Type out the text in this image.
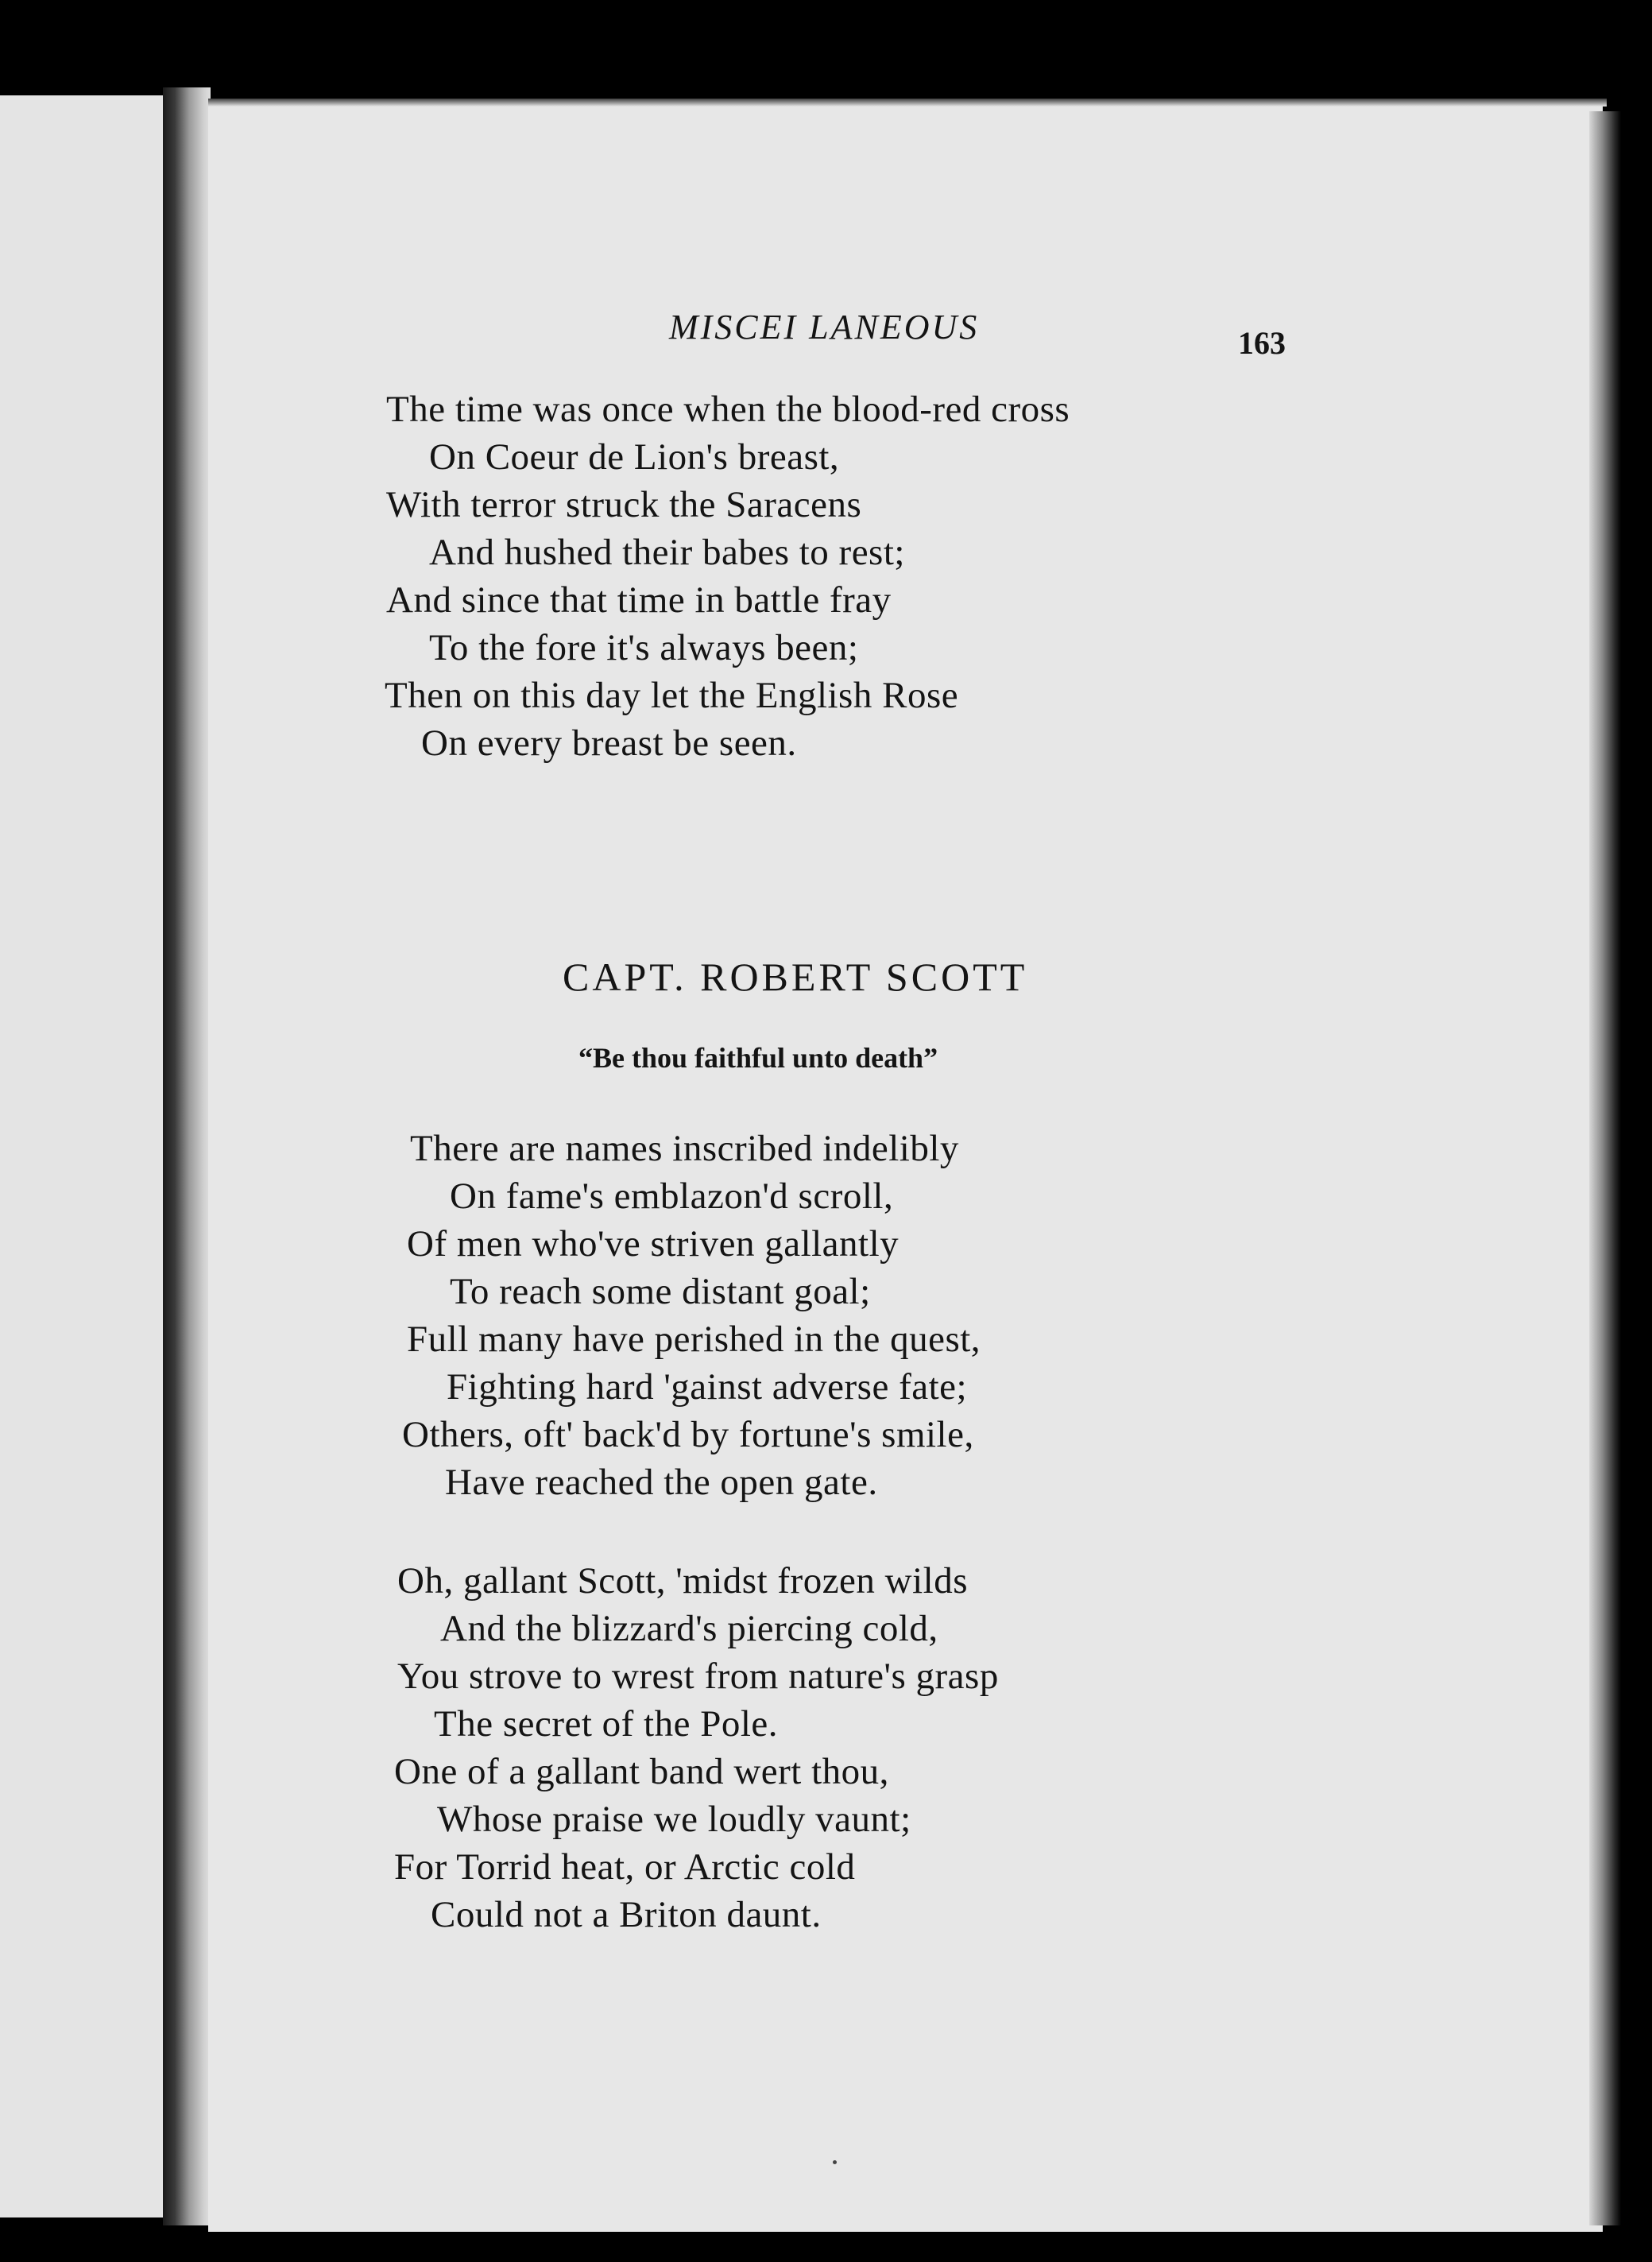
MISCEI LANEOUS	163
The time was once when the blood-red cross
On Coeur de Lion's breast,
With terror struck the Saracens
And hushed their babes to rest;
And since that time in battle fray
To the fore it's always been;
Then on this day let the English Rose
On every breast be seen.
CAPT. ROBERT SCOTT
“Be thou faithful unto death”
There are names inscribed indelibly
On fame's emblazon'd scroll,
Of men who've striven gallantly
To reach some distant goal;
Full many have perished in the quest,
Fighting hard 'gainst adverse fate;
Others, oft' back'd by fortune's smile,
Have reached the open gate.
Oh, gallant Scott, 'midst frozen wilds
And the blizzard's piercing cold,
You strove to wrest from nature's grasp
The secret of the Pole.
One of a gallant band wert thou,
Whose praise we loudly vaunt;
For Torrid heat, or Arctic cold
Could not a Briton daunt.
